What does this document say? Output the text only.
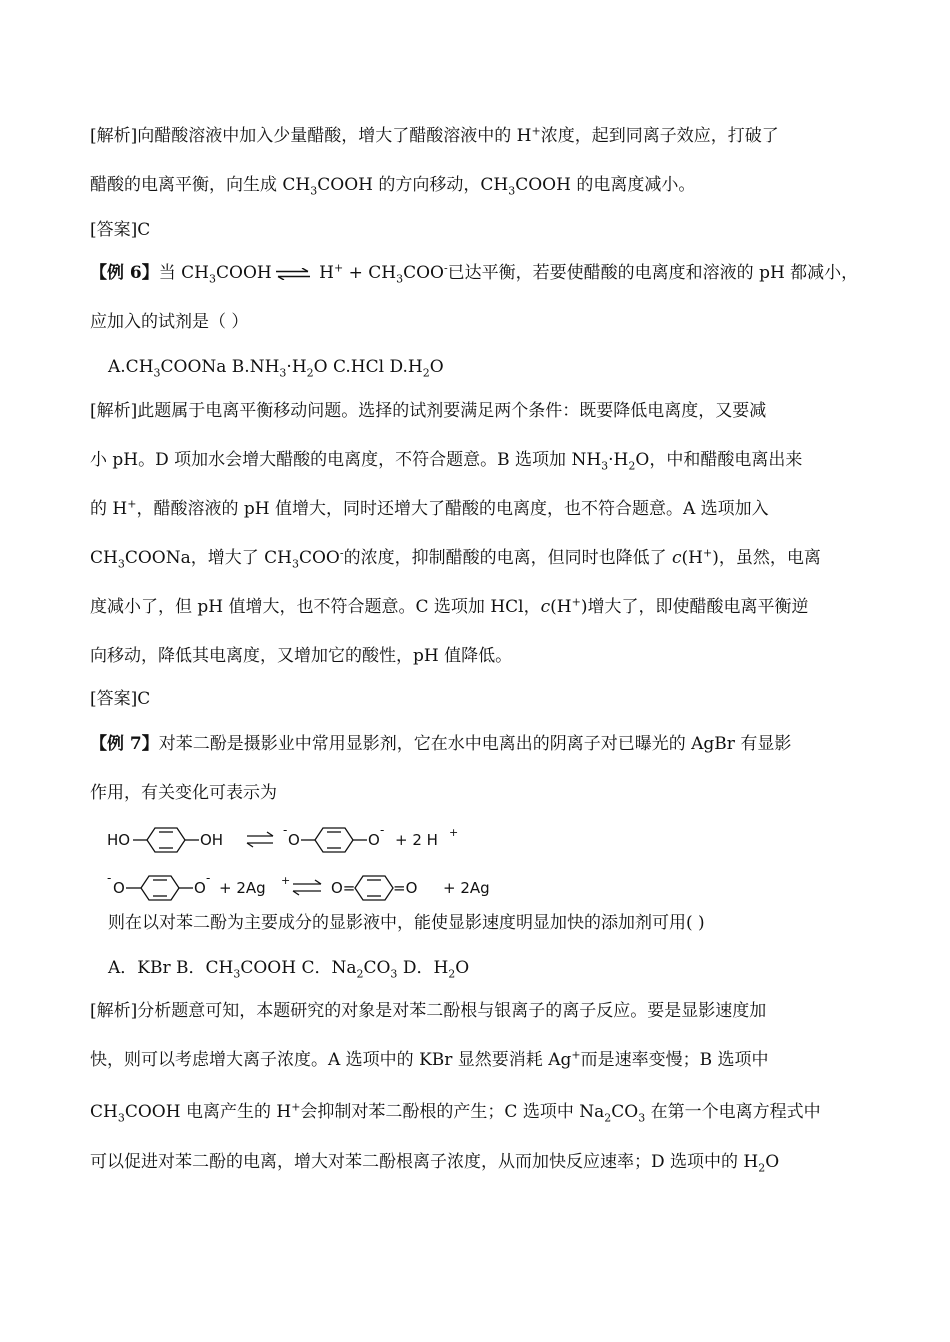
[解析]向醋酸溶液中加入少量醋酸，增大了醋酸溶液中的 H+浓度，起到同离子效应，打破了
醋酸的电离平衡，向生成 $CH_3COOH$ 的方向移动，$CH_3COOH$ 的电离度减小。
[答案]C
【例 6】当 $CH_3COOH$ ⇌ $H^+ + CH_3COO^-$已达平衡，若要使醋酸的电离度和溶液的 pH 都减小，
应加入的试剂是（ ）
$A.CH_3COONa$ $B.NH_3\cdot H_2O$ C.HCl $D.H_2O$
[解析]此题属于电离平衡移动问题。选择的试剂要满足两个条件：既要降低电离度，又要减
小 pH。D 项加水会增大醋酸的电离度，不符合题意。B 选项加 $NH_3\cdot H_2O$，中和醋酸电离出来
的 H+，醋酸溶液的 pH 值增大，同时还增大了醋酸的电离度，也不符合题意。A 选项加入
$CH_3COONa$，增大了 $CH_3COO^-$的浓度，抑制醋酸的电离，但同时也降低了 c(H+)，虽然，电离
度减小了，但 pH 值增大，也不符合题意。C 选项加 HCl，c(H+)增大了，即使醋酸电离平衡逆
向移动，降低其电离度，又增加它的酸性，pH 值降低。
[答案]C
【例 7】对苯二酚是摄影业中常用显影剂，它在水中电离出的阴离子对已曝光的 AgBr 有显影
作用，有关变化可表示为
HO	OH
-
O	O
-
+ 2 H +
-
O	O
-
+ 2Ag +	O=	=O + 2Ag
则在以对苯二酚为主要成分的显影液中，能使显影速度明显加快的添加剂可用( )
A．KBr B．$CH_3COOH$ C．$Na_2CO_3$ D．$H_2O$
[解析]分析题意可知，本题研究的对象是对苯二酚根与银离子的离子反应。要是显影速度加
快，则可以考虑增大离子浓度。A 选项中的 KBr 显然要消耗 Ag+而是速率变慢；B 选项中
$CH_3COOH$ 电离产生的 H+会抑制对苯二酚根的产生；C 选项中 $Na_2CO_3$ 在第一个电离方程式中
可以促进对苯二酚的电离，增大对苯二酚根离子浓度，从而加快反应速率；D 选项中的 $H_2O$
